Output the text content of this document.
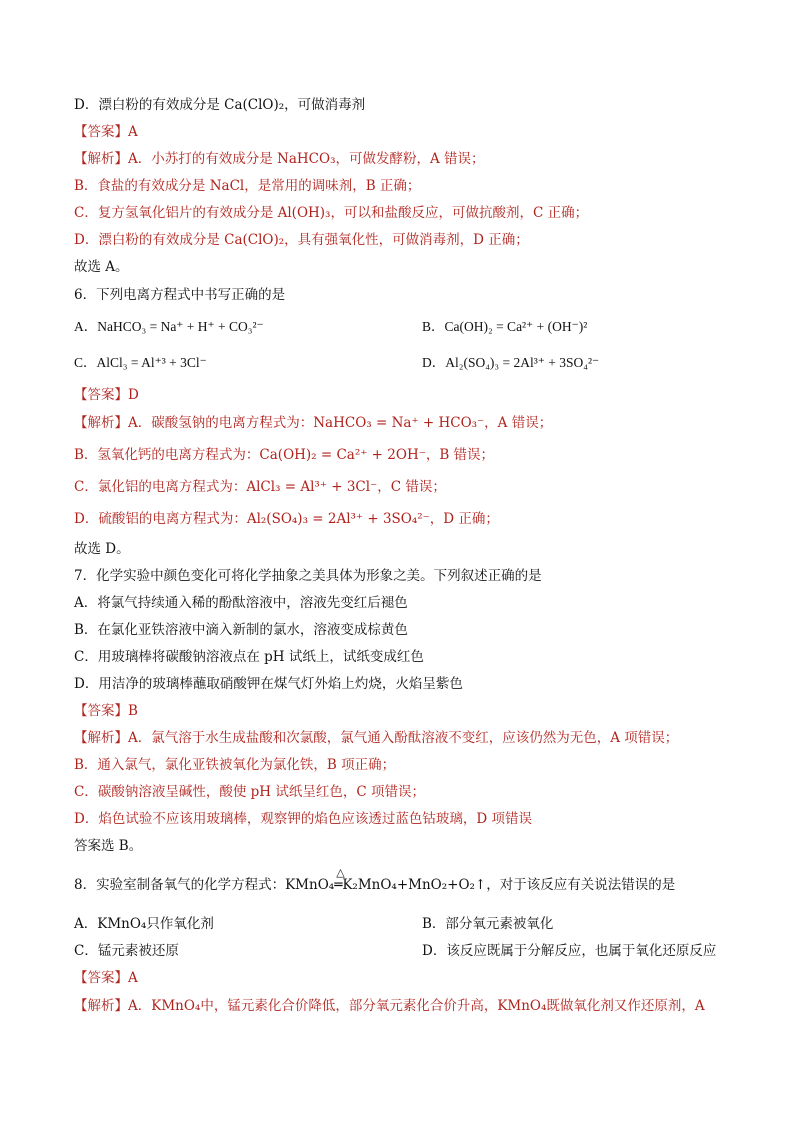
D．漂白粉的有效成分是 Ca(ClO)₂，可做消毒剂
【答案】A
【解析】A．小苏打的有效成分是 NaHCO₃，可做发酵粉，A 错误；
B．食盐的有效成分是 NaCl，是常用的调味剂，B 正确；
C．复方氢氧化铝片的有效成分是 Al(OH)₃，可以和盐酸反应，可做抗酸剂，C 正确；
D．漂白粉的有效成分是 Ca(ClO)₂，具有强氧化性，可做消毒剂，D 正确；
故选 A。
6．下列电离方程式中书写正确的是
A．NaHCO₃ = Na⁺ + H⁺ + CO₃²⁻	B．Ca(OH)₂ = Ca²⁺ + (OH⁻)²
C．AlCl₃ = Al⁺³ + 3Cl⁻	D．Al₂(SO₄)₃ = 2Al³⁺ + 3SO₄²⁻
【答案】D
【解析】A．碳酸氢钠的电离方程式为：NaHCO₃ = Na⁺ + HCO₃⁻，A 错误；
B．氢氧化钙的电离方程式为：Ca(OH)₂ = Ca²⁺ + 2OH⁻，B 错误；
C．氯化铝的电离方程式为：AlCl₃ = Al³⁺ + 3Cl⁻，C 错误；
D．硫酸铝的电离方程式为：Al₂(SO₄)₃ = 2Al³⁺ + 3SO₄²⁻，D 正确；
故选 D。
7．化学实验中颜色变化可将化学抽象之美具体为形象之美。下列叙述正确的是
A．将氯气持续通入稀的酚酞溶液中，溶液先变红后褪色
B．在氯化亚铁溶液中滴入新制的氯水，溶液变成棕黄色
C．用玻璃棒将碳酸钠溶液点在 pH 试纸上，试纸变成红色
D．用洁净的玻璃棒蘸取硝酸钾在煤气灯外焰上灼烧，火焰呈紫色
【答案】B
【解析】A．氯气溶于水生成盐酸和次氯酸，氯气通入酚酞溶液不变红，应该仍然为无色，A 项错误；
B．通入氯气，氯化亚铁被氧化为氯化铁，B 项正确；
C．碳酸钠溶液呈碱性，酸使 pH 试纸呈红色，C 项错误；
D．焰色试验不应该用玻璃棒，观察钾的焰色应该透过蓝色钴玻璃，D 项错误
答案选 B。
8．实验室制备氧气的化学方程式：KMnO₄
△
═K₂MnO₄+MnO₂+O₂↑，对于该反应有关说法错误的是
A．KMnO₄只作氧化剂	B．部分氧元素被氧化
C．锰元素被还原	D．该反应既属于分解反应，也属于氧化还原反应
【答案】A
【解析】A．KMnO₄中，锰元素化合价降低，部分氧元素化合价升高，KMnO₄既做氧化剂又作还原剂，A
